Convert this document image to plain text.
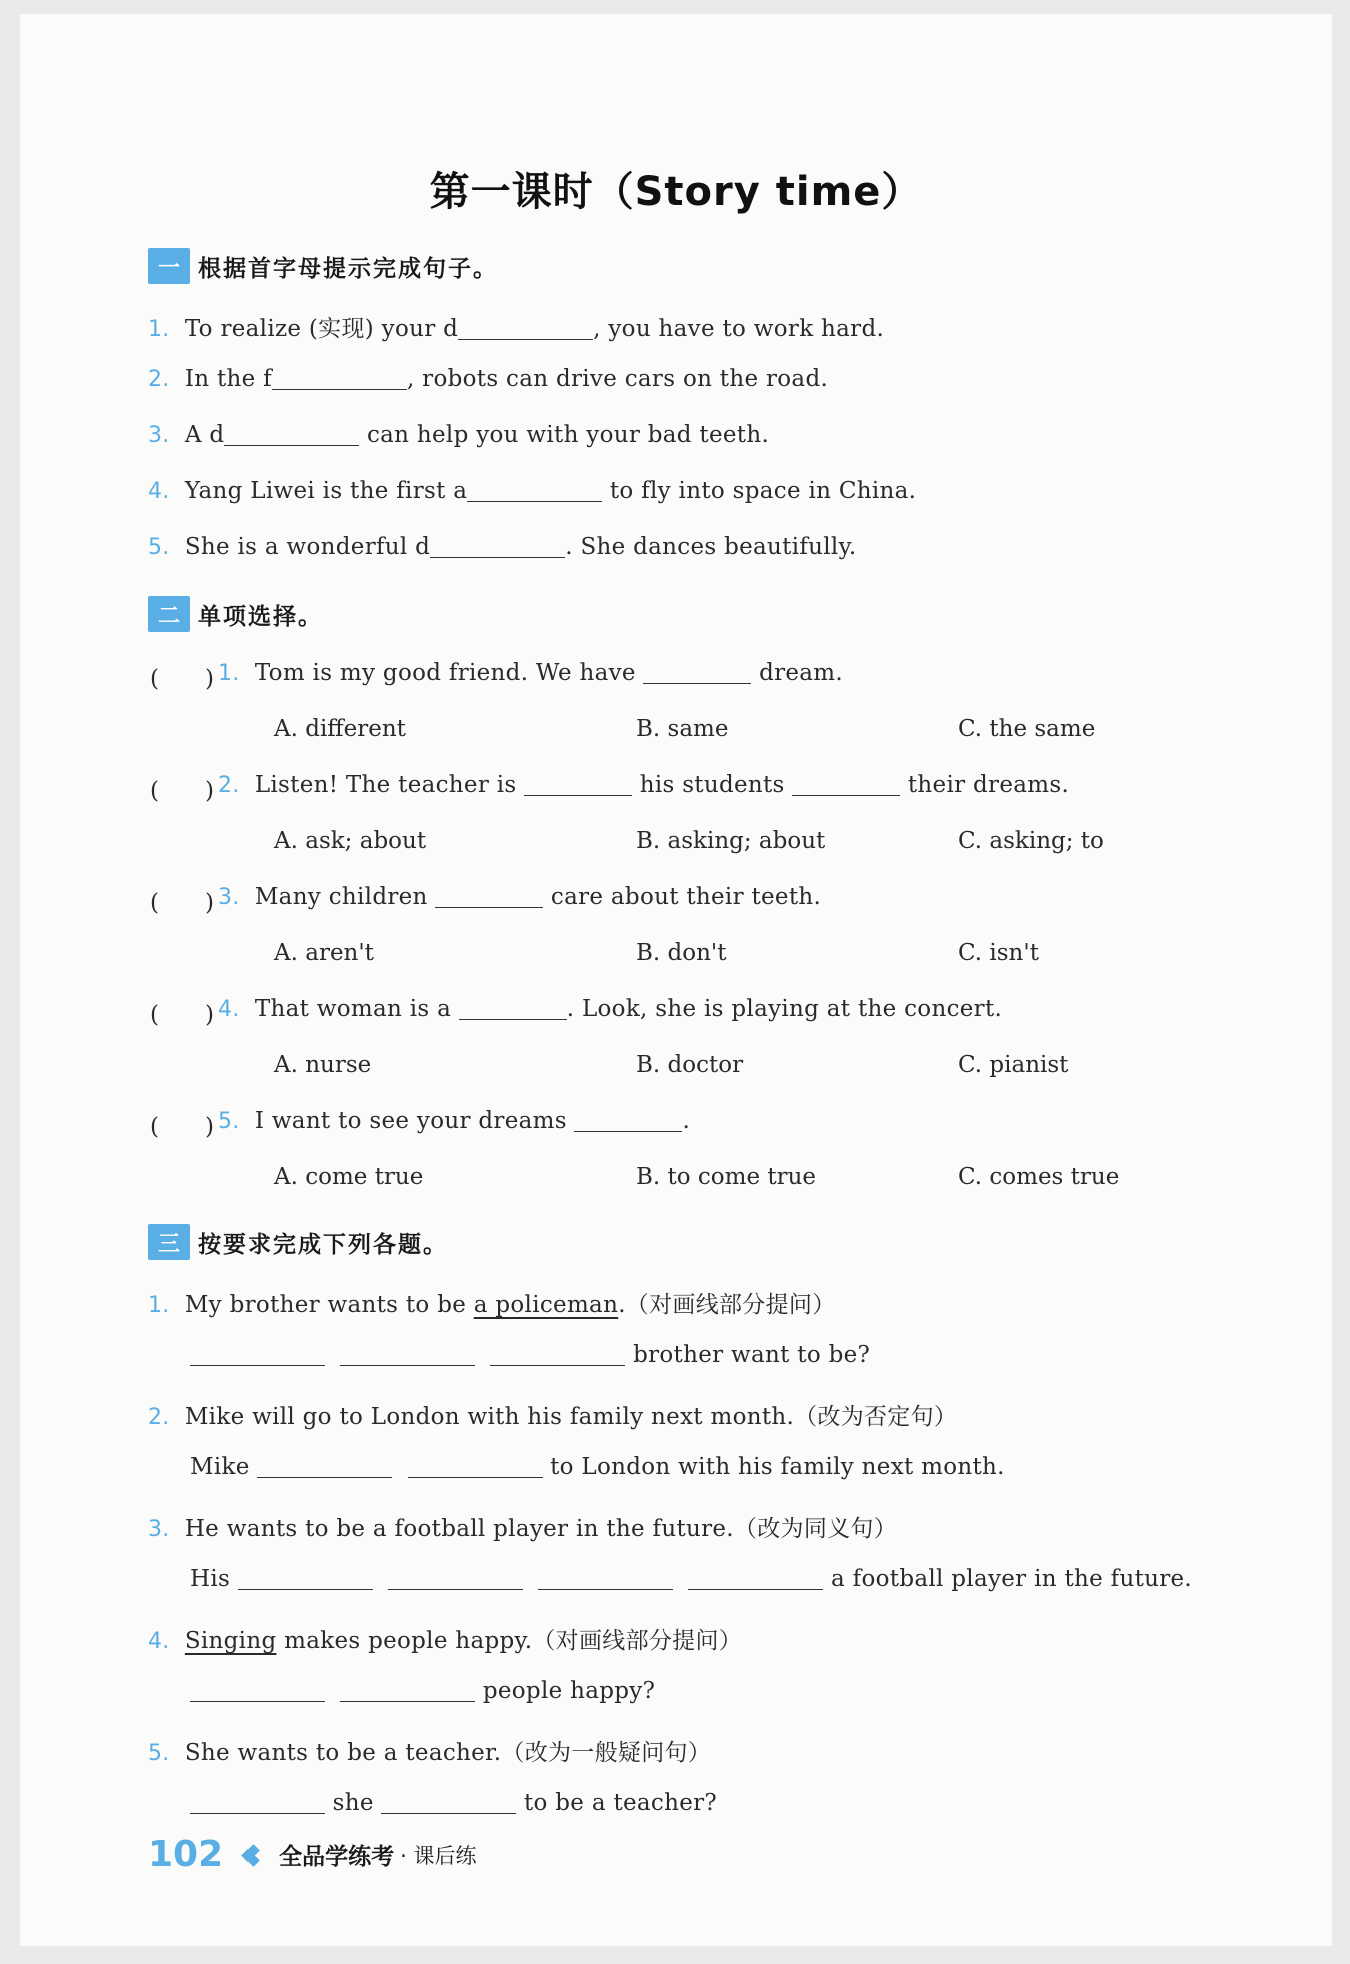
第一课时（Story time）
一 根据首字母提示完成句子。
1. To realize (实现) your d	, you have to work hard.
2. In the f	, robots can drive cars on the road.
3. A d	can help you with your bad teeth.
4. Yang Liwei is the first a	to fly into space in China.
5. She is a wonderful d	. She dances beautifully.
二 单项选择。
(　　) 1. Tom is my good friend. We have	dream.
A. different	B. same	C. the same
(　　) 2. Listen! The teacher is	his students	their dreams.
A. ask; about	B. asking; about	C. asking; to
(　　) 3. Many children	care about their teeth.
A. aren't	B. don't	C. isn't
(　　) 4. That woman is a	. Look, she is playing at the concert.
A. nurse	B. doctor	C. pianist
(　　) 5. I want to see your dreams	.
A. come true	B. to come true	C. comes true
三 按要求完成下列各题。
1. My brother wants to be a policeman.（对画线部分提问）
brother want to be?
2. Mike will go to London with his family next month.（改为否定句）
Mike	to London with his family next month.
3. He wants to be a football player in the future.（改为同义句）
His	a football player in the future.
4. Singing makes people happy.（对画线部分提问）
people happy?
5. She wants to be a teacher.（改为一般疑问句）
she	to be a teacher?
102 全品学练考 · 课后练
